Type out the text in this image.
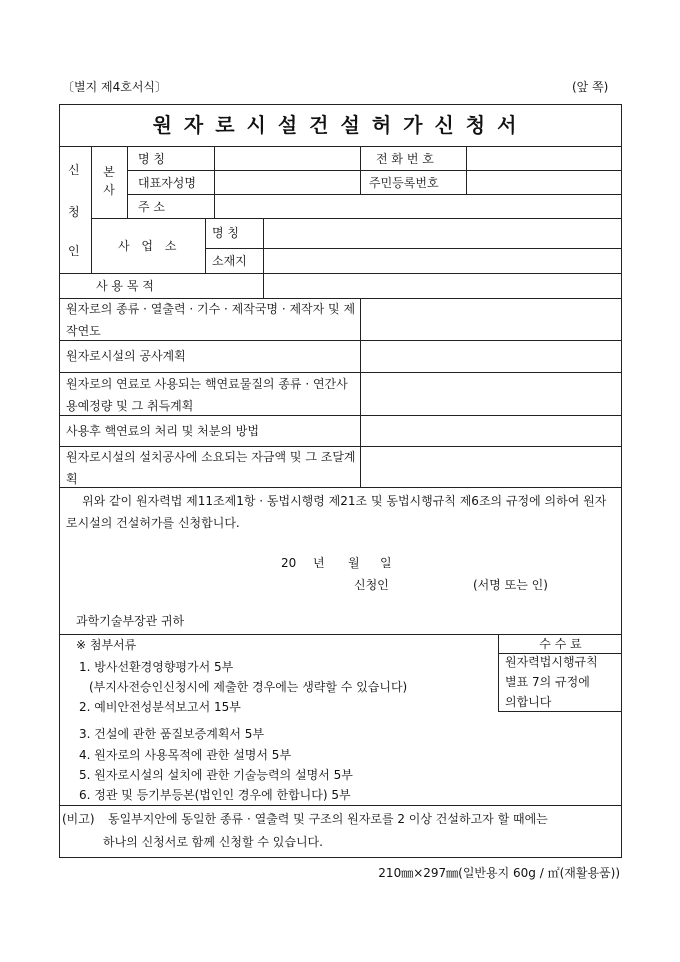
〔별지 제4호서식〕	(앞 쪽)
원자로시설건설허가신청서
신
청
인
본사
명 칭
대표자성명
주 소
전 화 번 호
주민등록번호
사 업 소
명 칭
소재지
사 용 목 적
원자로의 종류 · 열출력 · 기수 · 제작국명 · 제작자 및 제작연도
원자로시설의 공사계획
원자로의 연료로 사용되는 핵연료물질의 종류 · 연간사용예정량 및 그 취득계획
사용후 핵연료의 처리 및 처분의 방법
원자로시설의 설치공사에 소요되는 자금액 및 그 조달계획
위와 같이 원자력법 제11조제1항 · 동법시행령 제21조 및 동법시행규칙 제6조의 규정에 의하여 원자로시설의 건설허가를 신청합니다.
20 년 월 일
신청인	(서명 또는 인)
과학기술부장관 귀하
※ 첨부서류
1. 방사선환경영향평가서 5부
(부지사전승인신청시에 제출한 경우에는 생략할 수 있습니다)
2. 예비안전성분석보고서 15부
3. 건설에 관한 품질보증계획서 5부
4. 원자로의 사용목적에 관한 설명서 5부
5. 원자로시설의 설치에 관한 기술능력의 설명서 5부
6. 정관 및 등기부등본(법인인 경우에 한합니다) 5부
수 수 료
원자력법시행규칙
별표 7의 규정에
의합니다
(비고) 동일부지안에 동일한 종류 · 열출력 및 구조의 원자로를 2 이상 건설하고자 할 때에는
하나의 신청서로 함께 신청할 수 있습니다.
210㎜×297㎜(일반용지 60g / ㎡(재활용품))
